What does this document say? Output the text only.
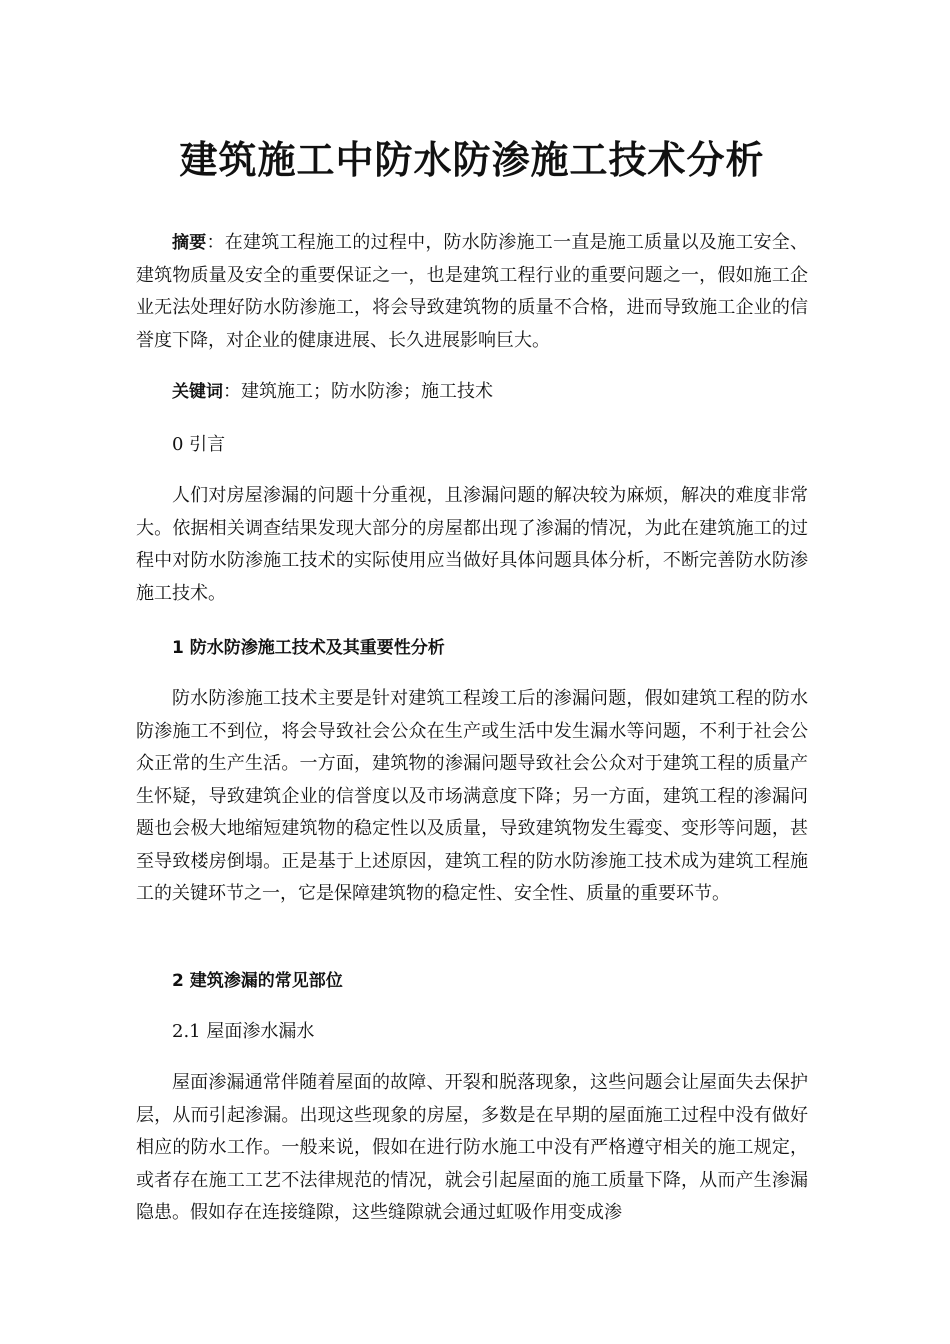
建筑施工中防水防渗施工技术分析

摘要：在建筑工程施工的过程中，防水防渗施工一直是施工质量以及施工安全、建筑物质量及安全的重要保证之一，也是建筑工程行业的重要问题之一，假如施工企业无法处理好防水防渗施工，将会导致建筑物的质量不合格，进而导致施工企业的信誉度下降，对企业的健康进展、长久进展影响巨大。

关键词：建筑施工；防水防渗；施工技术

0 引言

人们对房屋渗漏的问题十分重视，且渗漏问题的解决较为麻烦，解决的难度非常大。依据相关调查结果发现大部分的房屋都出现了渗漏的情况，为此在建筑施工的过程中对防水防渗施工技术的实际使用应当做好具体问题具体分析，不断完善防水防渗施工技术。

1 防水防渗施工技术及其重要性分析

防水防渗施工技术主要是针对建筑工程竣工后的渗漏问题，假如建筑工程的防水防渗施工不到位，将会导致社会公众在生产或生活中发生漏水等问题，不利于社会公众正常的生产生活。一方面，建筑物的渗漏问题导致社会公众对于建筑工程的质量产生怀疑，导致建筑企业的信誉度以及市场满意度下降；另一方面，建筑工程的渗漏问题也会极大地缩短建筑物的稳定性以及质量，导致建筑物发生霉变、变形等问题，甚至导致楼房倒塌。正是基于上述原因，建筑工程的防水防渗施工技术成为建筑工程施工的关键环节之一，它是保障建筑物的稳定性、安全性、质量的重要环节。

2 建筑渗漏的常见部位

2.1 屋面渗水漏水

屋面渗漏通常伴随着屋面的故障、开裂和脱落现象，这些问题会让屋面失去保护层，从而引起渗漏。出现这些现象的房屋，多数是在早期的屋面施工过程中没有做好相应的防水工作。一般来说，假如在进行防水施工中没有严格遵守相关的施工规定，或者存在施工工艺不法律规范的情况，就会引起屋面的施工质量下降，从而产生渗漏隐患。假如存在连接缝隙，这些缝隙就会通过虹吸作用变成渗
